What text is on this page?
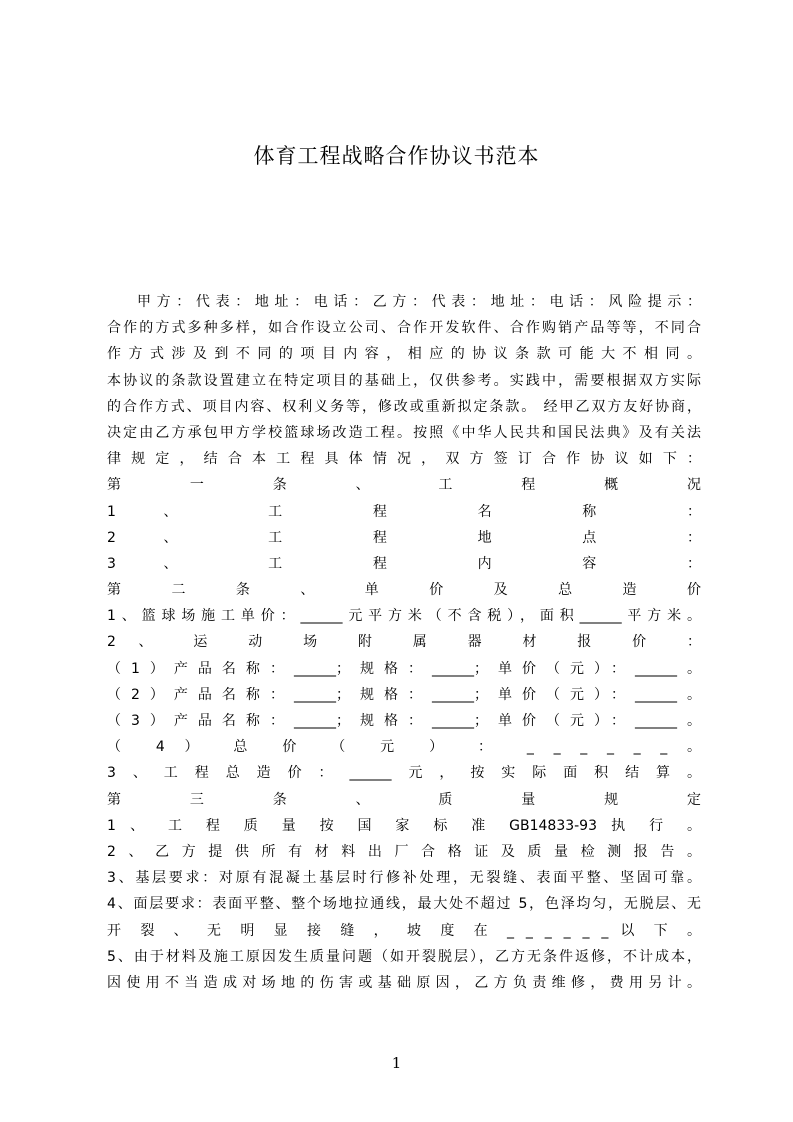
体育工程战略合作协议书范本
甲方：代表：地址：电话：乙方：代表：地址：电话：风险提示：
合作的方式多种多样，如合作设立公司、合作开发软件、合作购销产品等等，不同合
作方式涉及到不同的项目内容，相应的协议条款可能大不相同。
本协议的条款设置建立在特定项目的基础上，仅供参考。实践中，需要根据双方实际
的合作方式、项目内容、权利义务等，修改或重新拟定条款。 经甲乙双方友好协商，
决定由乙方承包甲方学校篮球场改造工程。按照《中华人民共和国民法典》及有关法
律规定，结合本工程具体情况，双方签订合作协议如下：
第 一 条 、 工 程 概 况
1 、 工 程 名 称 ：
2 、 工 程 地 点 ：
3 、 工 程 内 容 ：
第 二 条 、 单 价 及 总 造 价
1、篮球场施工单价：______元平方米（不含税），面积______平方米。
2 、 运 动 场 附 属 器 材 报 价 ：
（1）产品名称：______；规格：______；单价（元）：______。
（2）产品名称：______；规格：______；单价（元）：______。
（3）产品名称：______；规格：______；单价（元）：______。
（ 4 ） 总 价 （ 元 ） ： _ _ _ _ _ _ 。
3、工程总造价：______元，按实际面积结算。
第 三 条 、 质 量 规 定
1 、 工 程 质 量 按 国 家 标 准 GB14833-93 执 行 。
2、乙方提供所有材料出厂合格证及质量检测报告。
3、基层要求：对原有混凝土基层时行修补处理，无裂缝、表面平整、坚固可靠。
4、面层要求：表面平整、整个场地拉通线，最大处不超过 5，色泽均匀，无脱层、无
开 裂 、 无 明 显 接 缝 ， 坡 度 在 _ _ _ _ _ _ 以 下 。
5、由于材料及施工原因发生质量问题（如开裂脱层），乙方无条件返修，不计成本，
因使用不当造成对场地的伤害或基础原因，乙方负责维修，费用另计。
1
